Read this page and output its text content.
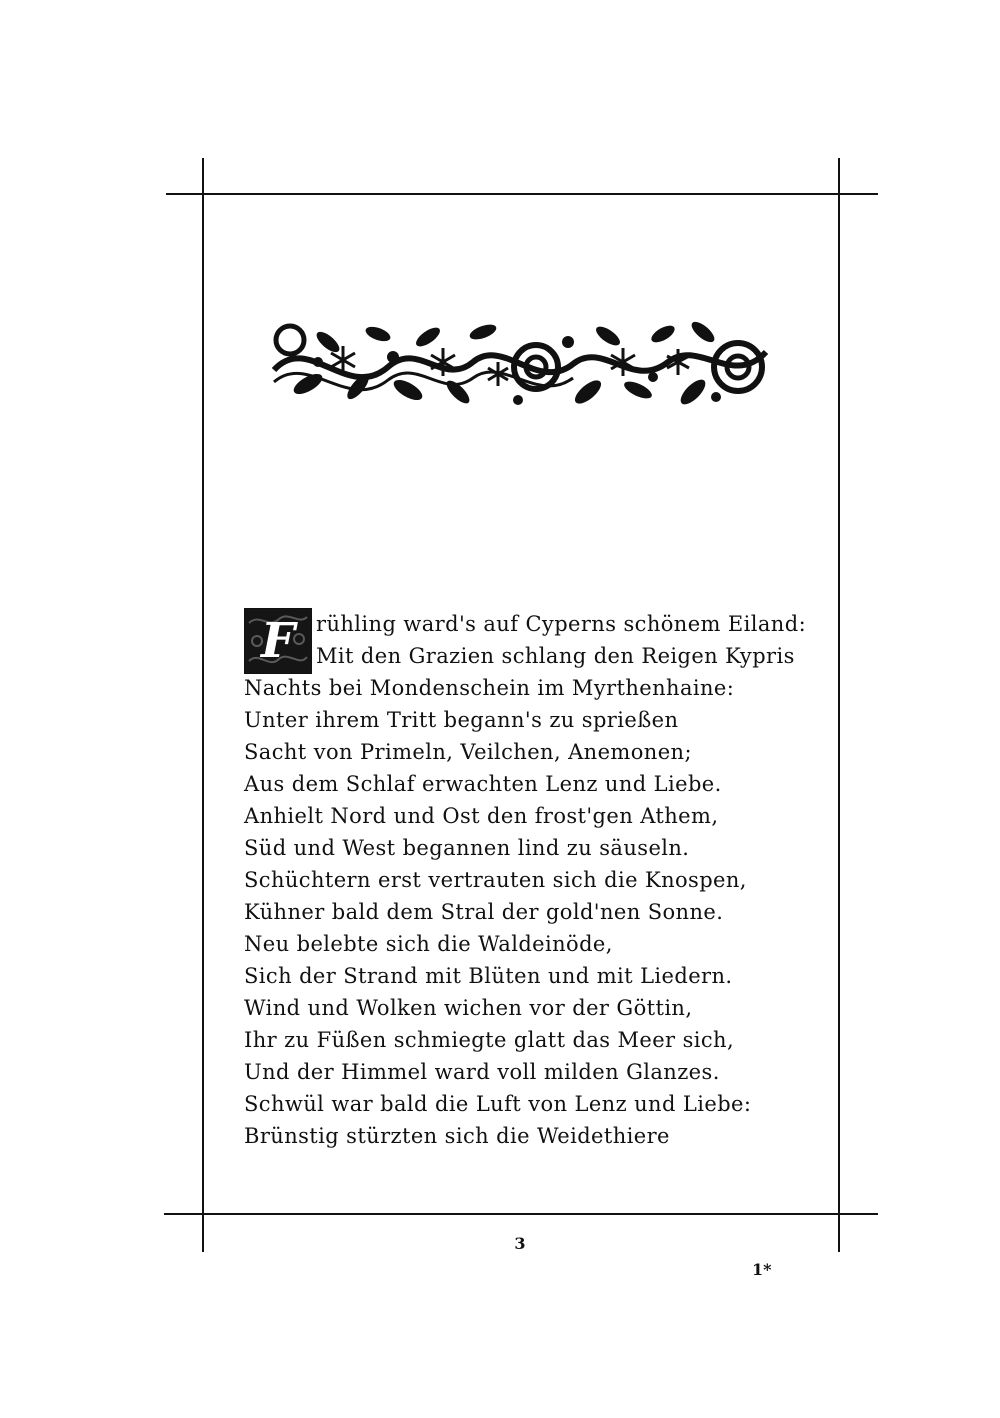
F rühling ward's auf Cyperns schönem Eiland:
Mit den Grazien schlang den Reigen Kypris
Nachts bei Mondenschein im Myrthenhaine:
Unter ihrem Tritt begann's zu sprießen
Sacht von Primeln, Veilchen, Anemonen;
Aus dem Schlaf erwachten Lenz und Liebe.
Anhielt Nord und Ost den frost'gen Athem,
Süd und West begannen lind zu säuseln.
Schüchtern erst vertrauten sich die Knospen,
Kühner bald dem Stral der gold'nen Sonne.
Neu belebte sich die Waldeinöde,
Sich der Strand mit Blüten und mit Liedern.
Wind und Wolken wichen vor der Göttin,
Ihr zu Füßen schmiegte glatt das Meer sich,
Und der Himmel ward voll milden Glanzes.
Schwül war bald die Luft von Lenz und Liebe:
Brünstig stürzten sich die Weidethiere
3
1*
